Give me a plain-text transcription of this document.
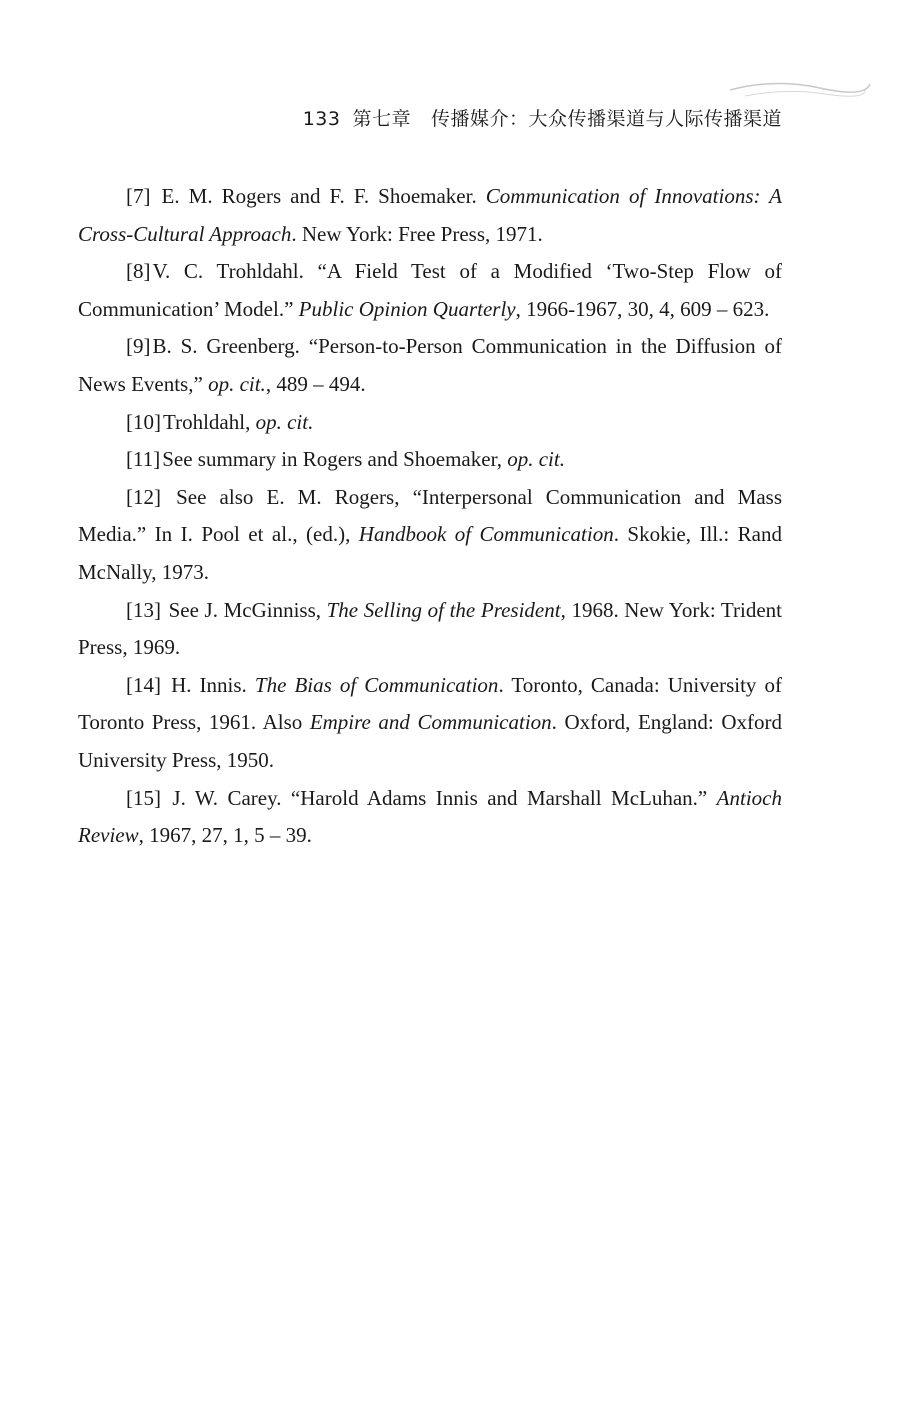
133 第七章 传播媒介：大众传播渠道与人际传播渠道

[7] E. M. Rogers and F. F. Shoemaker. Communication of Innovations: A Cross-Cultural Approach. New York: Free Press, 1971.

[8]V. C. Trohldahl. “A Field Test of a Modified ‘Two-Step Flow of Communication’ Model.” Public Opinion Quarterly, 1966-1967, 30, 4, 609 – 623.

[9]B. S. Greenberg. “Person-to-Person Communication in the Diffusion of News Events,” op. cit., 489 – 494.

[10]Trohldahl, op. cit.

[11]See summary in Rogers and Shoemaker, op. cit.

[12] See also E. M. Rogers, “Interpersonal Communication and Mass Media.” In I. Pool et al., (ed.), Handbook of Communication. Skokie, Ill.: Rand McNally, 1973.

[13] See J. McGinniss, The Selling of the President, 1968. New York: Trident Press, 1969.

[14] H. Innis. The Bias of Communication. Toronto, Canada: University of Toronto Press, 1961. Also Empire and Communication. Oxford, England: Oxford University Press, 1950.

[15] J. W. Carey. “Harold Adams Innis and Marshall McLuhan.” Antioch Review, 1967, 27, 1, 5 – 39.
